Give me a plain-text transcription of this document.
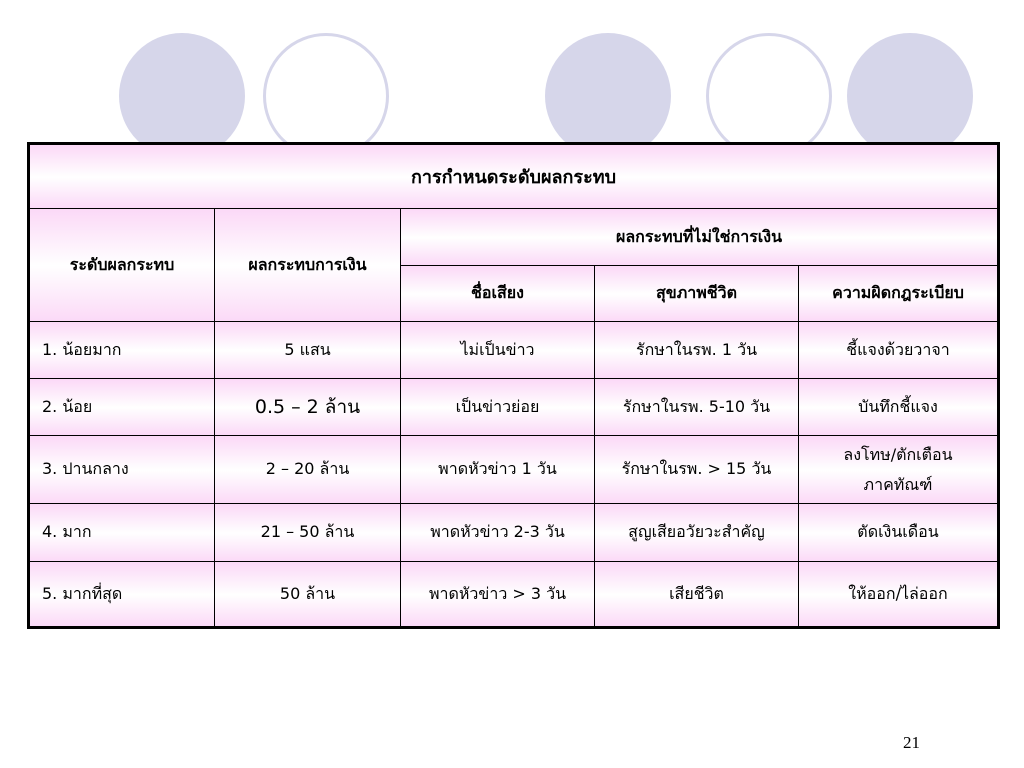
การกำหนดระดับผลกระทบ				
ระดับผลกระทบ	ผลกระทบการเงิน	ผลกระทบที่ไม่ใช่การเงิน		
		ชื่อเสียง	สุขภาพชีวิต	ความผิดกฎระเบียบ
1. น้อยมาก	5 แสน	ไม่เป็นข่าว	รักษาในรพ. 1 วัน	ชี้แจงด้วยวาจา
2. น้อย	0.5 – 2 ล้าน	เป็นข่าวย่อย	รักษาในรพ. 5-10 วัน	บันทึกชี้แจง
3. ปานกลาง	2 – 20 ล้าน	พาดหัวข่าว 1 วัน	รักษาในรพ. > 15 วัน	ลงโทษ/ตักเตือน
ภาคทัณฑ์

4. มาก	21 – 50 ล้าน	พาดหัวข่าว 2-3 วัน	สูญเสียอวัยวะสำคัญ	ตัดเงินเดือน
5. มากที่สุด	50 ล้าน	พาดหัวข่าว > 3 วัน	เสียชีวิต	ให้ออก/ไล่ออก
21
